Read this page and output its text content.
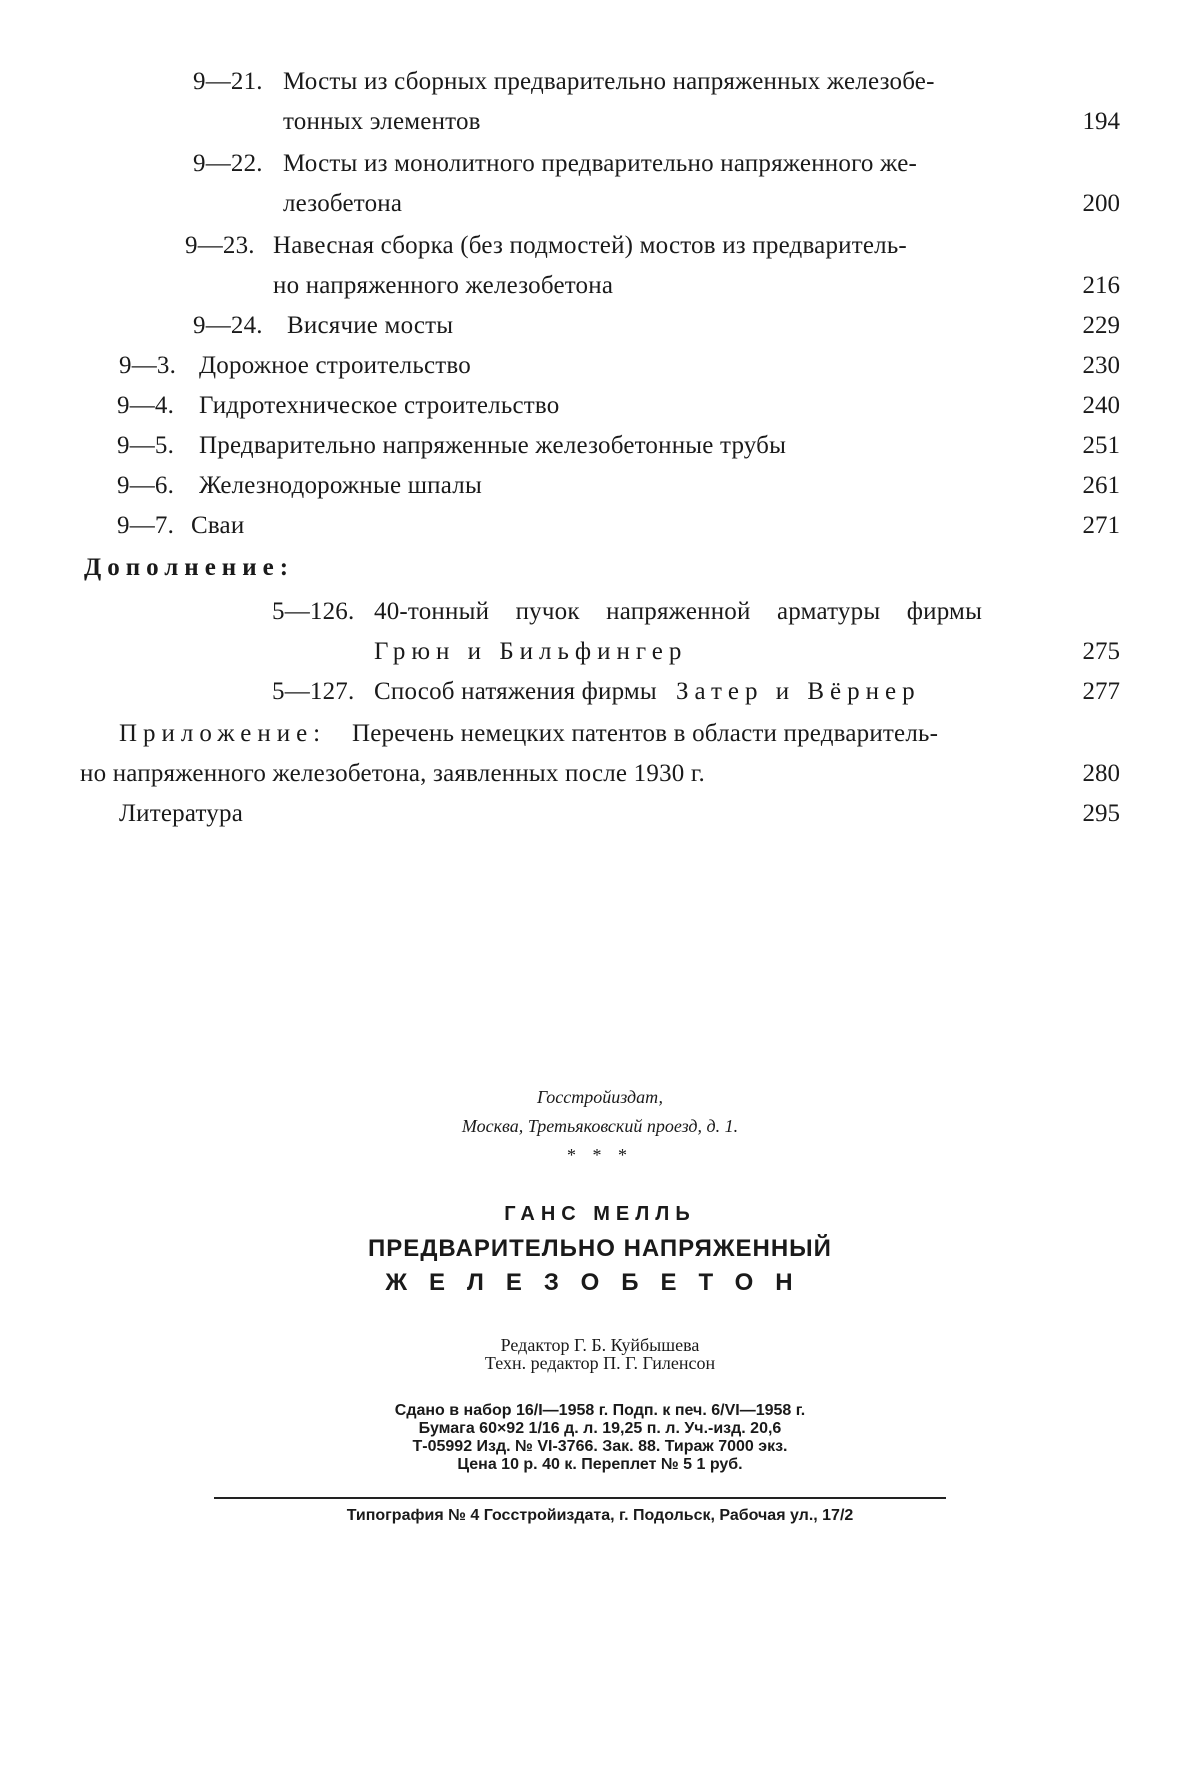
9—21. Мосты из сборных предварительно напряженных железобе-
тонных элементов	194
9—22. Мосты из монолитного предварительно напряженного же-
лезобетона	200
9—23. Навесная сборка (без подмостей) мостов из предваритель-
но напряженного железобетона	216
9—24. Висячие мосты	229
9—3. Дорожное строительство	230
9—4. Гидротехническое строительство	240
9—5. Предварительно напряженные железобетонные трубы	251
9—6. Железнодорожные шпалы	261
9—7. Сваи	271
Дополнение:
5—126. 40-тонный пучок напряженной арматуры фирмы
Грюн и Бильфингер	275
5—127. Способ натяжения фирмы Затер и Вёрнер	277
Приложение: Перечень немецких патентов в области предваритель-
но напряженного железобетона, заявленных после 1930 г.	280
Литература	295
Госстройиздат,
Москва, Третьяковский проезд, д. 1.
* * *
ГАНС МЕЛЛЬ
ПРЕДВАРИТЕЛЬНО НАПРЯЖЕННЫЙ
ЖЕЛЕЗОБЕТОН
Редактор Г. Б. Куйбышева
Техн. редактор П. Г. Гиленсон
Сдано в набор 16/I—1958 г. Подп. к печ. 6/VI—1958 г.
Бумага 60×92 1/16 д. л. 19,25 п. л. Уч.-изд. 20,6
Т-05992 Изд. № VI-3766. Зак. 88. Тираж 7000 экз.
Цена 10 р. 40 к. Переплет № 5 1 руб.
Типография № 4 Госстройиздата, г. Подольск, Рабочая ул., 17/2
